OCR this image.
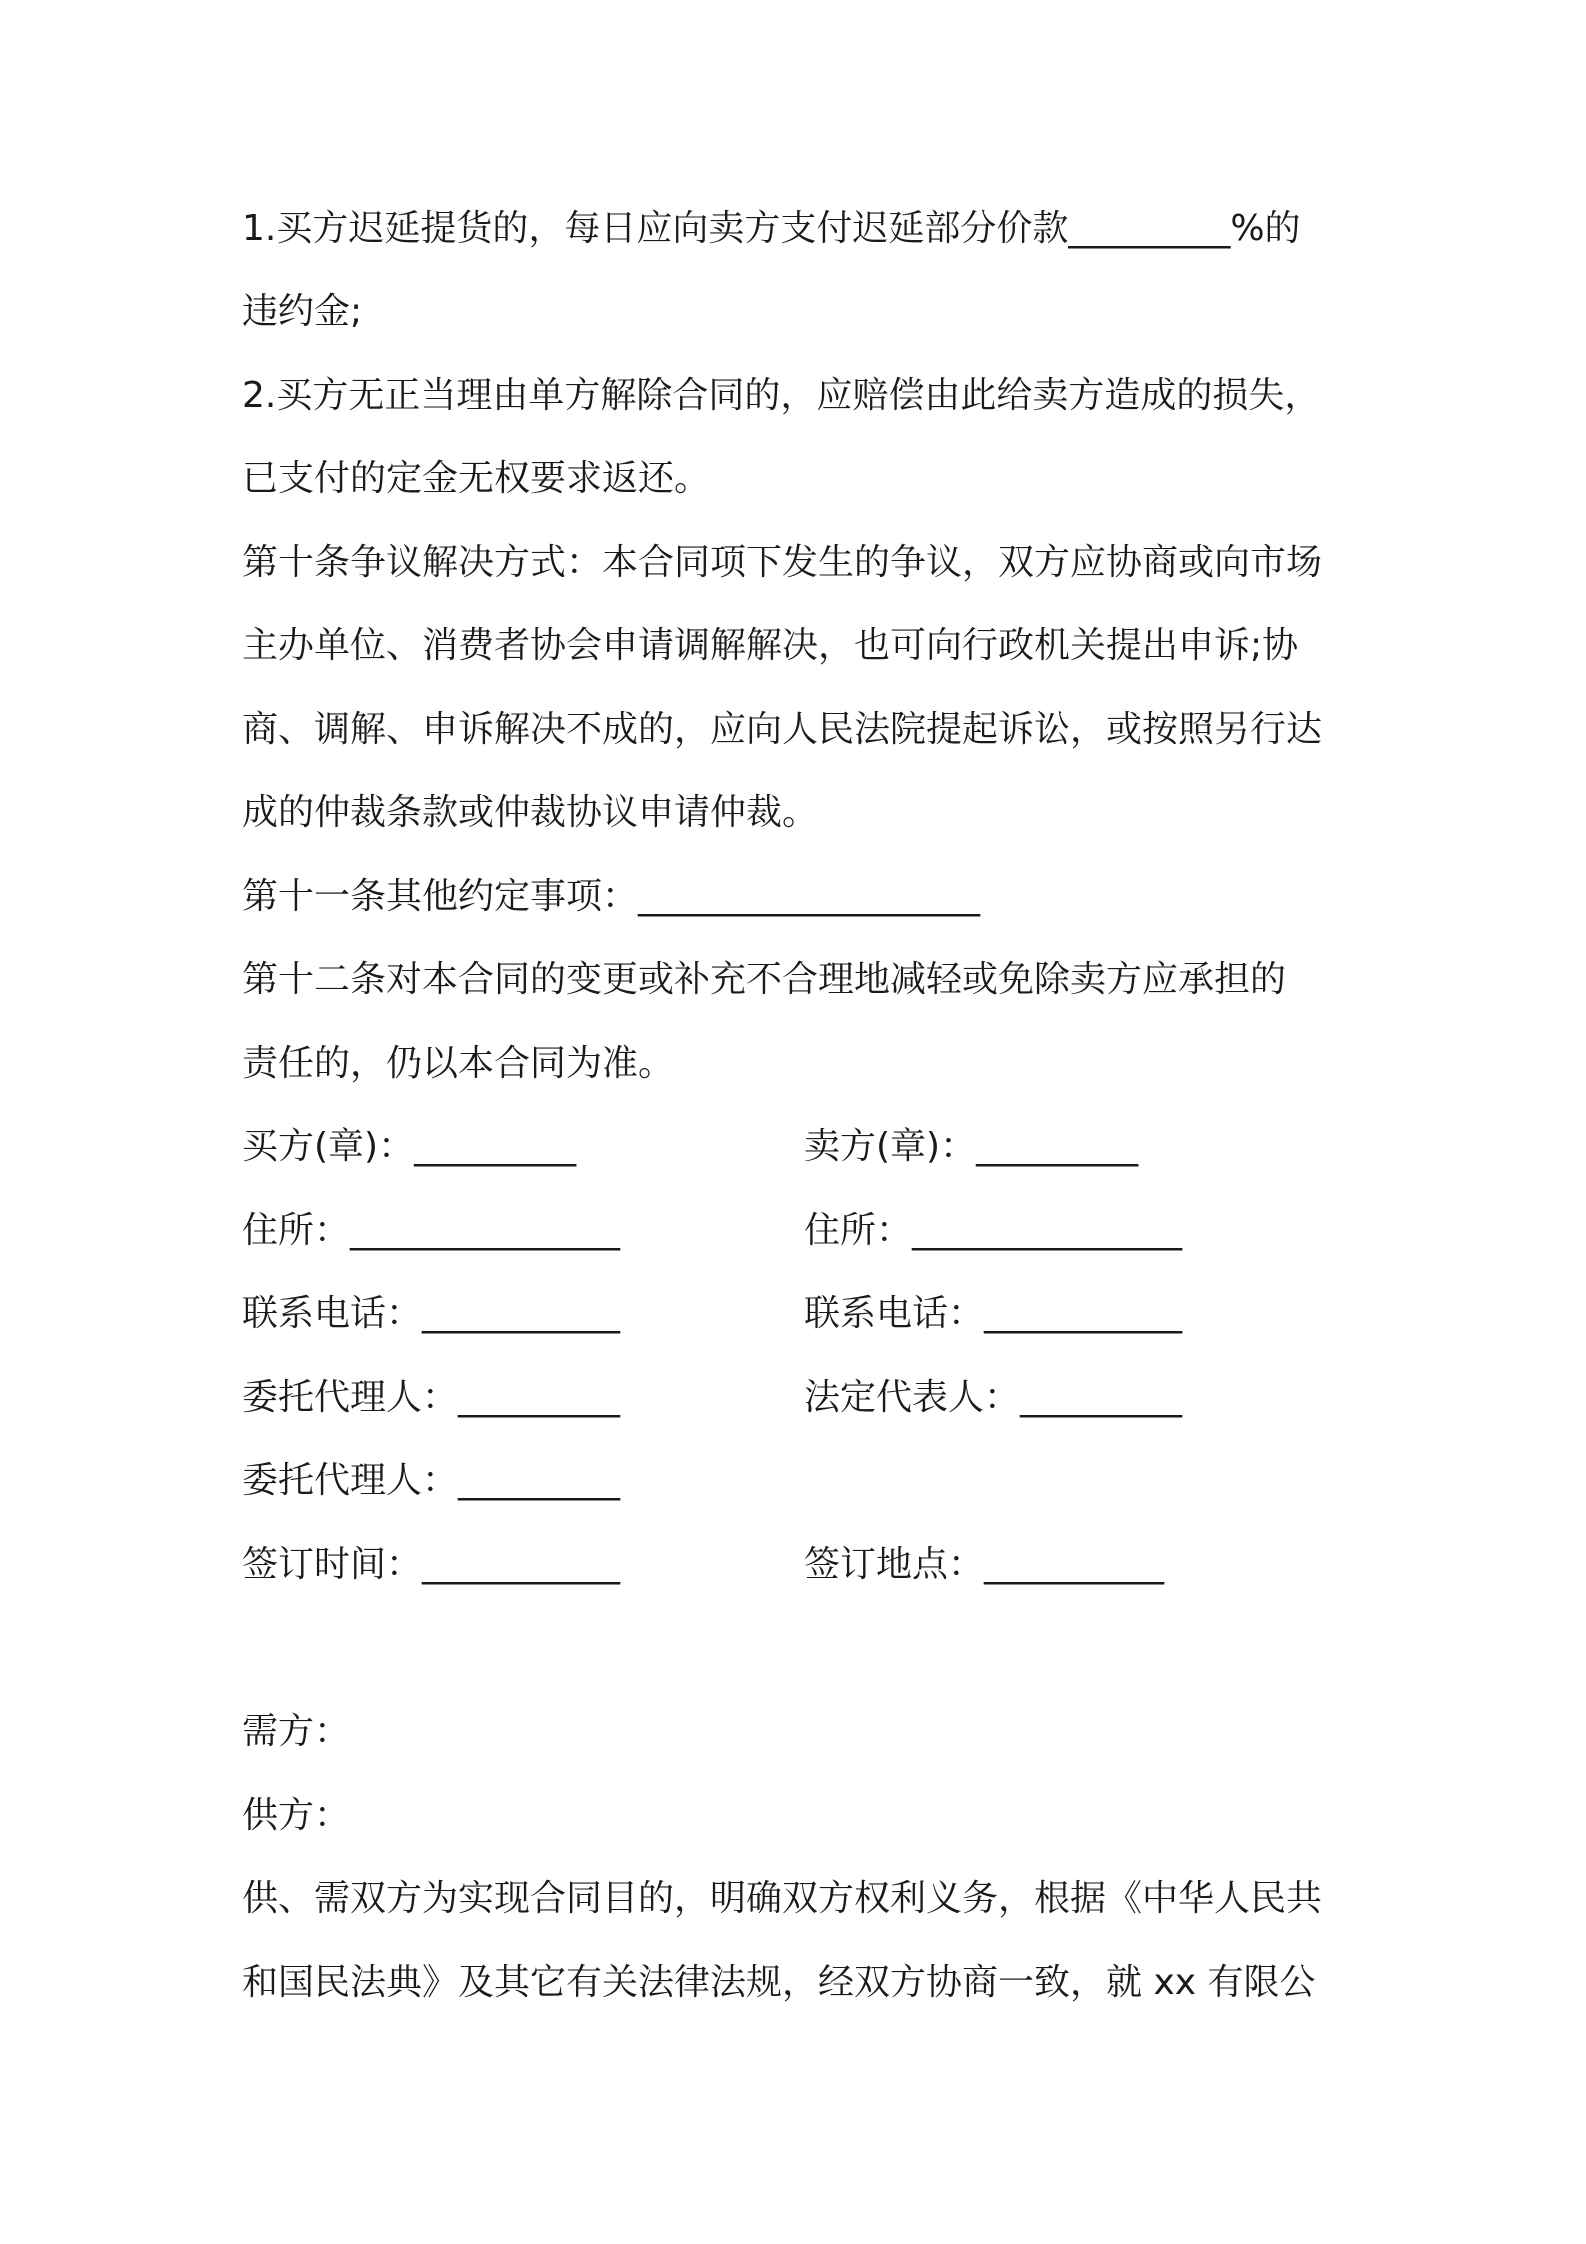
1.买方迟延提货的，每日应向卖方支付迟延部分价款_________%的
违约金;
2.买方无正当理由单方解除合同的，应赔偿由此给卖方造成的损失，
已支付的定金无权要求返还。
第十条争议解决方式：本合同项下发生的争议，双方应协商或向市场
主办单位、消费者协会申请调解解决，也可向行政机关提出申诉;协
商、调解、申诉解决不成的，应向人民法院提起诉讼，或按照另行达
成的仲裁条款或仲裁协议申请仲裁。
第十一条其他约定事项：___________________
第十二条对本合同的变更或补充不合理地减轻或免除卖方应承担的
责任的，仍以本合同为准。
买方(章)：_________	卖方(章)：_________
住所：_______________	住所：_______________
联系电话：___________	联系电话：___________
委托代理人：_________	法定代表人：_________
委托代理人：_________
签订时间：___________	签订地点：__________
需方：
供方：
供、需双方为实现合同目的，明确双方权利义务，根据《中华人民共
和国民法典》及其它有关法律法规，经双方协商一致，就 xx 有限公
